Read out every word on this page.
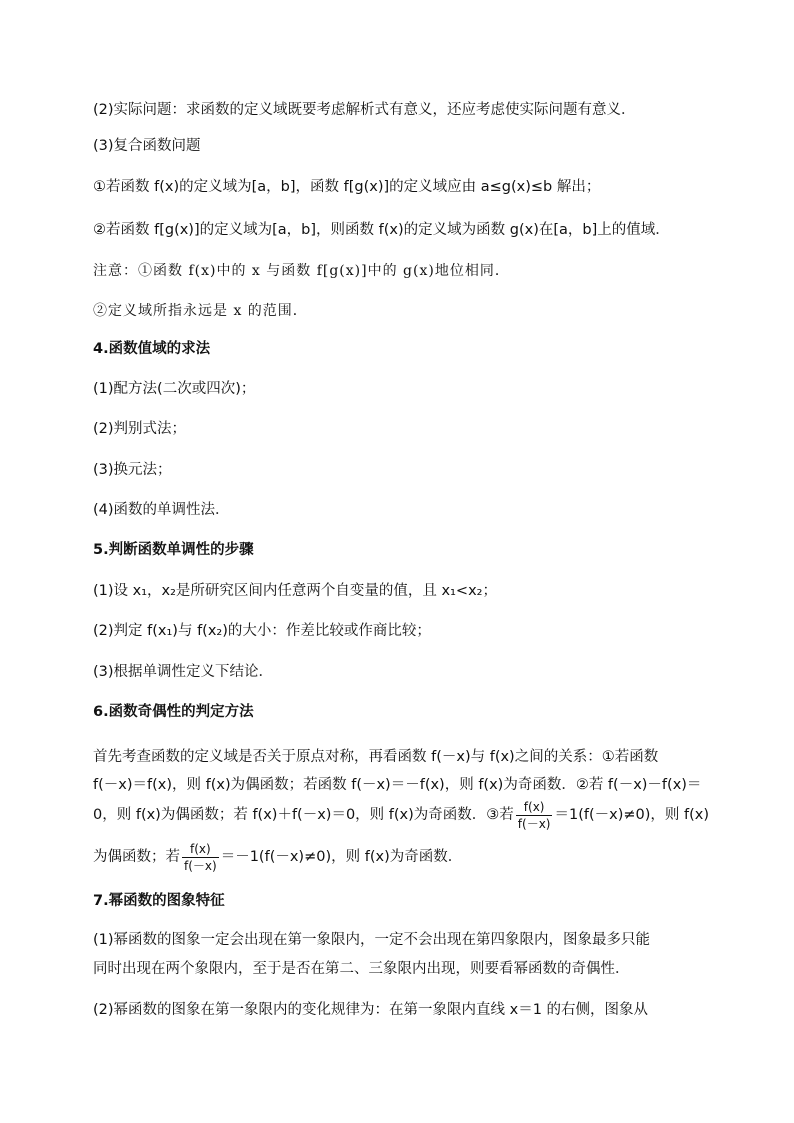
(2)实际问题：求函数的定义域既要考虑解析式有意义，还应考虑使实际问题有意义．
(3)复合函数问题
①若函数 f(x)的定义域为[a，b]，函数 f[g(x)]的定义域应由 a≤g(x)≤b 解出；
②若函数 f[g(x)]的定义域为[a，b]，则函数 f(x)的定义域为函数 g(x)在[a，b]上的值域．
注意：①函数 f(x)中的 x 与函数 f[g(x)]中的 g(x)地位相同．
②定义域所指永远是 x 的范围．
4.函数值域的求法
(1)配方法(二次或四次)；
(2)判别式法；
(3)换元法；
(4)函数的单调性法．
5.判断函数单调性的步骤
(1)设 x₁，x₂是所研究区间内任意两个自变量的值，且 x₁<x₂；
(2)判定 f(x₁)与 f(x₂)的大小：作差比较或作商比较；
(3)根据单调性定义下结论．
6.函数奇偶性的判定方法
首先考查函数的定义域是否关于原点对称，再看函数 f(－x)与 f(x)之间的关系：①若函数
f(－x)＝f(x)，则 f(x)为偶函数；若函数 f(－x)＝－f(x)，则 f(x)为奇函数．②若 f(－x)－f(x)＝
0，则 f(x)为偶函数；若 f(x)＋f(－x)＝0，则 f(x)为奇函数．③若 $\frac{f(x)}{f(-x)} =1(f(-x)\ne 0)$，则 f(x)
为偶函数；若 $\frac{f(x)}{f(-x)} =-1(f(-x)\ne 0)$，则 f(x)为奇函数．
7.幂函数的图象特征
(1)幂函数的图象一定会出现在第一象限内，一定不会出现在第四象限内，图象最多只能
同时出现在两个象限内，至于是否在第二、三象限内出现，则要看幂函数的奇偶性．
(2)幂函数的图象在第一象限内的变化规律为：在第一象限内直线 x＝1 的右侧，图象从
